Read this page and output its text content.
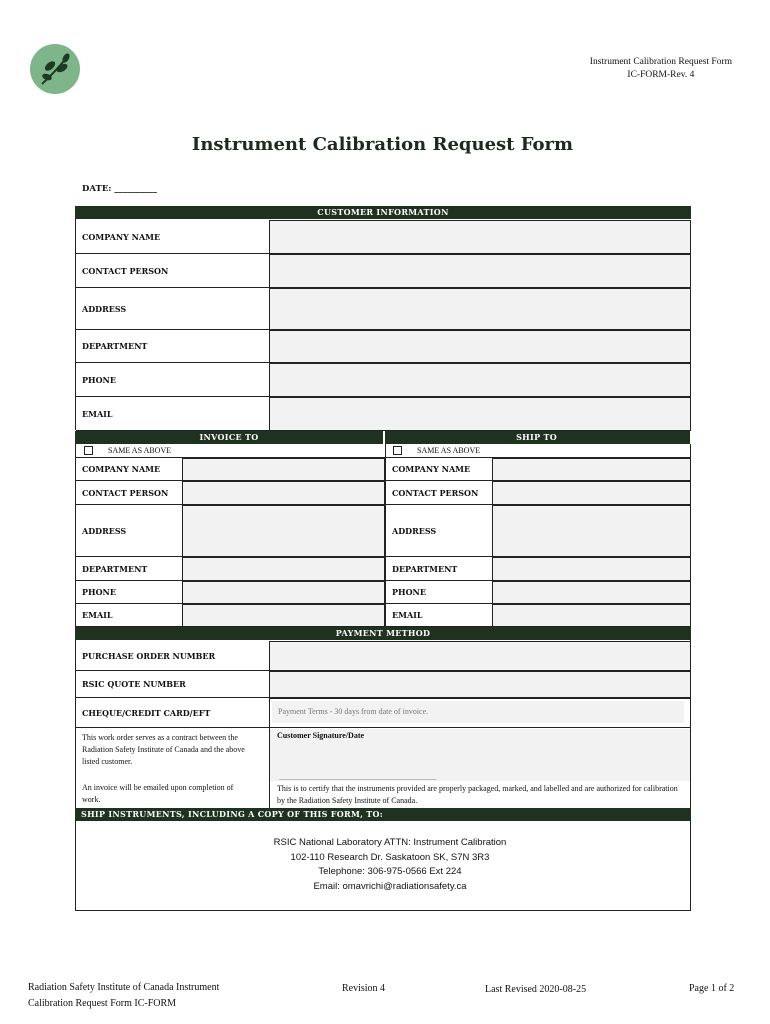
Instrument Calibration Request Form
IC-FORM-Rev. 4
Instrument Calibration Request Form
DATE: __________
CUSTOMER INFORMATION
COMPANY NAME
CONTACT PERSON
ADDRESS
DEPARTMENT
PHONE
EMAIL
INVOICE TO	SHIP TO
SAME AS ABOVE	SAME AS ABOVE
COMPANY NAME
CONTACT PERSON
ADDRESS
DEPARTMENT
PHONE
EMAIL
COMPANY NAME
CONTACT PERSON
ADDRESS
DEPARTMENT
PHONE
EMAIL
PAYMENT METHOD
PURCHASE ORDER NUMBER
RSIC QUOTE NUMBER
CHEQUE/CREDIT CARD/EFT	Payment Terms - 30 days from date of invoice.
This work order serves as a contract between the Radiation Safety Institute of Canada and the above listed customer.
An invoice will be emailed upon completion of work.
Customer Signature/Date
_____________________________________________
This is to certify that the instruments provided are properly packaged, marked, and labelled and are authorized for calibration by the Radiation Safety Institute of Canada.
SHIP INSTRUMENTS, INCLUDING A COPY OF THIS FORM, TO:
RSIC National Laboratory ATTN: Instrument Calibration
102-110 Research Dr. Saskatoon SK, S7N 3R3
Telephone: 306-975-0566 Ext 224
Email: omavrichi@radiationsafety.ca
Radiation Safety Institute of Canada Instrument
Calibration Request Form IC-FORM
Revision 4	Last Revised 2020-08-25	Page 1 of 2
